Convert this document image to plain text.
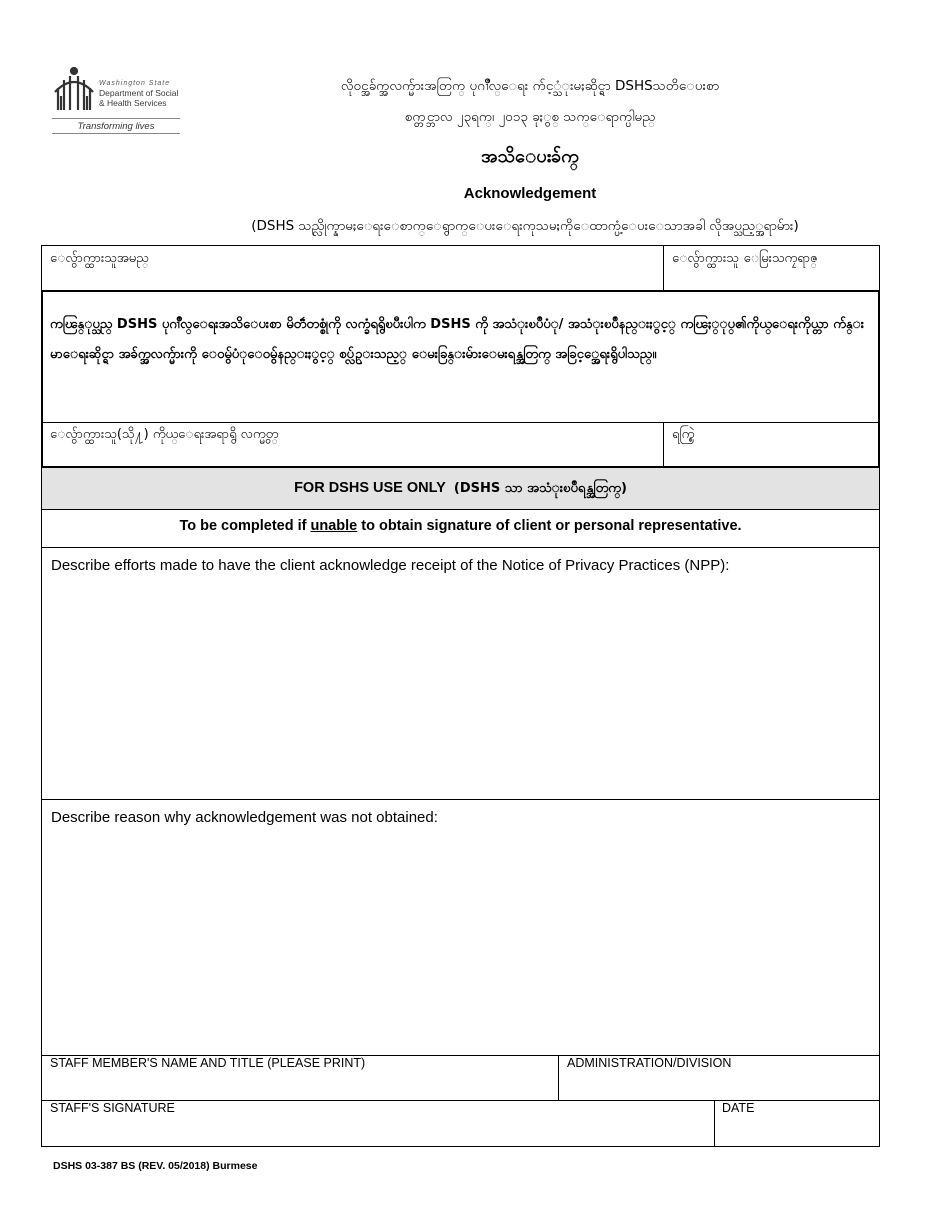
Washington State
Department of Social
& Health Services
Transforming lives
လို၀င္အခ်က္အလက္မ်ားအတြက္ ပုဂၢိဳလ္ေရး က်င့္သံုးမႈဆိုင္ရာ DSHSသတိေပးစာ
စက္တင္ဘာလ ၂၃ရက္၊ ၂၀၁၃ ခုႏွစ္ သက္ေရာက္ပါမည္
အသိေပးခ်က္
Acknowledgement
(DSHS သည္လိုက္နာမႈေရးေစာက္ေရွာက္ေပးေရးကုသမႈကိုေထာက္ပံ့ေပးေသာအခါ လိုအပ္သည့္အရာမ်ား)
ေလွ်ာက္ထားသူအမည္	ေလွ်ာက္ထားသူ ေမြးသကၠရာဇ္
ကၽြန္ုပ္သည္ DSHS ပုဂၢိဳလ္ေရးအသိေပးစာ မိတၱဴတစ္စုံကို လက္ခံရရွိၿပီးပါက DSHS ကို အသံုးၿပဳပံု/ အသံုးၿပဳနည္းႏွင့္ ကၽြႏ္ုပ္၏ကိုယ္ေရးကိုယ္တာ က်န္းမာေရးဆိုင္ရာ အခ်က္အလက္မ်ားကို ေ၀မွ်ပံုေ၀မွ်နည္းႏွင့္ စပ္လ်ဥ္းသည့္ ေမးခြန္းမ်ားေမးရန္အတြက္ အခြင့္အေရးရွိပါသည္။
ေလွ်ာက္ထားသူ(သို႔) ကိုယ္ေရးအရာရွိ လက္မွတ္	ရက္စြဲ
FOR DSHS USE ONLY (DSHS သာ အသံုးၿပဳရန္အတြက္)
To be completed if unable to obtain signature of client or personal representative.
Describe efforts made to have the client acknowledge receipt of the Notice of Privacy Practices (NPP):
Describe reason why acknowledgement was not obtained:
STAFF MEMBER'S NAME AND TITLE (PLEASE PRINT)	ADMINISTRATION/DIVISION
STAFF'S SIGNATURE	DATE
DSHS 03-387 BS (REV. 05/2018) Burmese
